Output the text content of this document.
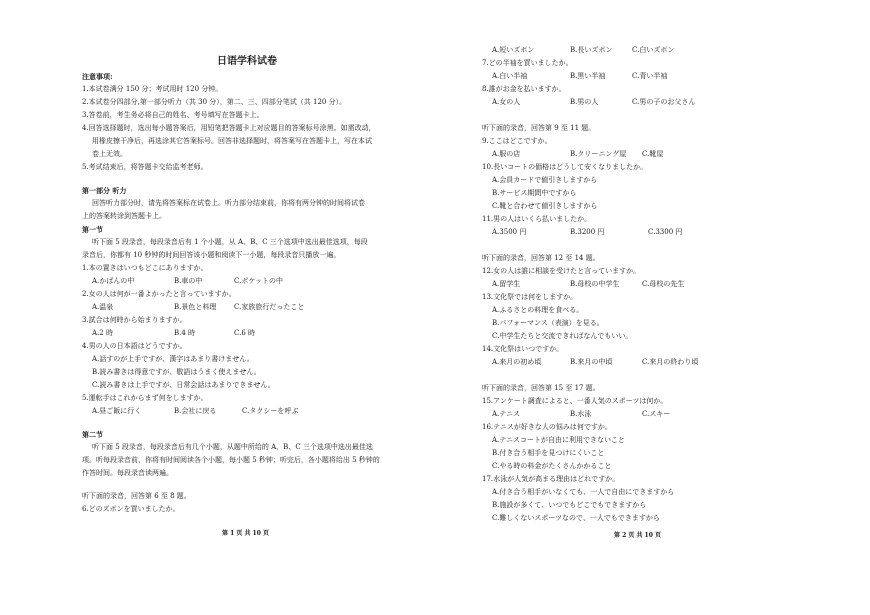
日语学科试卷
注意事项:
1.本试卷满分 150 分；考试用时 120 分钟。
2.本试卷分四部分,第一部分听力（共 30 分），第二、三、四部分笔试（共 120 分）。
3.答卷前，考生务必将自己的姓名、考号填写在答题卡上。
4.回答选择题时，选出每小题答案后，用铅笔把答题卡上对应题目的答案标号涂黑。如需改动，
用橡皮擦干净后，再选涂其它答案标号。回答非选择题时，将答案写在答题卡上，写在本试
卷上无效。
5.考试结束后，将答题卡交给监考老师。
第一部分 听力
回答听力部分时，请先将答案标在试卷上。听力部分结束前，你将有两分钟的时间将试卷
上的答案转涂到答题卡上。
第一节
听下面 5 段录音，每段录音后有 1 个小题，从 A、B、C 三个选项中选出最佳选项，每段
录音后，你都有 10 秒钟的时间回答该小题和阅读下一小题，每段录音只播放一遍。
1.本の置きはいつもどこにありますか。
A.かばんの中	B.車の中	C.ポケットの中
2.女の人は何が一番よかったと言っていますか。
A.温泉	B.景色と料理	C.家族旅行だったこと
3.試合は何時から始まりますか。
A.2 時	B.4 時	C.6 時
4.男の人の日本語はどうですか。
A.話すのが上手ですが、漢字はあまり書けません。
B.読み書きは得意ですが、敬語はうまく使えません。
C.読み書きは上手ですが、日常会話はあまりできません。
5.運転手はこれからまず何をしますか。
A.昼ご飯に行く	B.会社に戻る	C.タクシーを呼ぶ
第二节
听下面 5 段录音，每段录音后有几个小题，从题中所给的 A、B、C 三个选项中选出最佳选
项。听每段录音前，你将有时间阅读各个小题，每小题 5 秒钟；听完后，各小题将给出 5 秒钟的
作答时间。每段录音读两遍。
听下面的录音，回答第 6 至 8 题。
6.どのズボンを買いましたか。
第 1 页 共 10 页
A.短いズボン	B.長いズボン	C.白いズボン
7.どの半袖を買いましたか。
A.白い半袖	B.黒い半袖	C.青い半袖
8.誰がお金を払いますか。
A.女の人	B.男の人	C.男の子のお父さん
听下面的录音，回答第 9 至 11 题。
9.ここはどこですか。
A.服の店	B.クリーニング屋 C.靴屋
10.長いコートの価格はどうして安くなりましたか。
A.会員カードで値引きしますから
B.サービス期間中ですから
C.靴と合わせて値引きしますから
11.男の人はいくら払いましたか。
A.3500 円	B.3200 円	C.3300 円
听下面的录音，回答第 12 至 14 题。
12.女の人は誰に相談を受けたと言っていますか。
A.留学生	B.母校の中学生	C.母校の先生
13.文化祭では何をしますか。
A.ふるさとの料理を食べる。
B.パフォーマンス（表演）を見る。
C.中学生たちと交流できればなんでもいい。
14.文化祭はいつですか。
A.来月の初め頃	B.来月の中頃	C.来月の終わり頃
听下面的录音，回答第 15 至 17 题。
15.アンケート調査によると、一番人気のスポーツは何か。
A.テニス	B.水泳	C.スキー
16.テニスが好きな人の悩みは何ですか。
A.テニスコートが自由に利用できないこと
B.付き合う相手を見つけにくいこと
C.やる時の料金がたくさんかかること
17.水泳が人気が高まる理由はどれですか。
A.付き合う相手がいなくても、一人で自由にできますから
B.施設が多くて、いつでもどこでもできますから
C.難しくないスポーツなので、一人でもできますから
第 2 页 共 10 页
